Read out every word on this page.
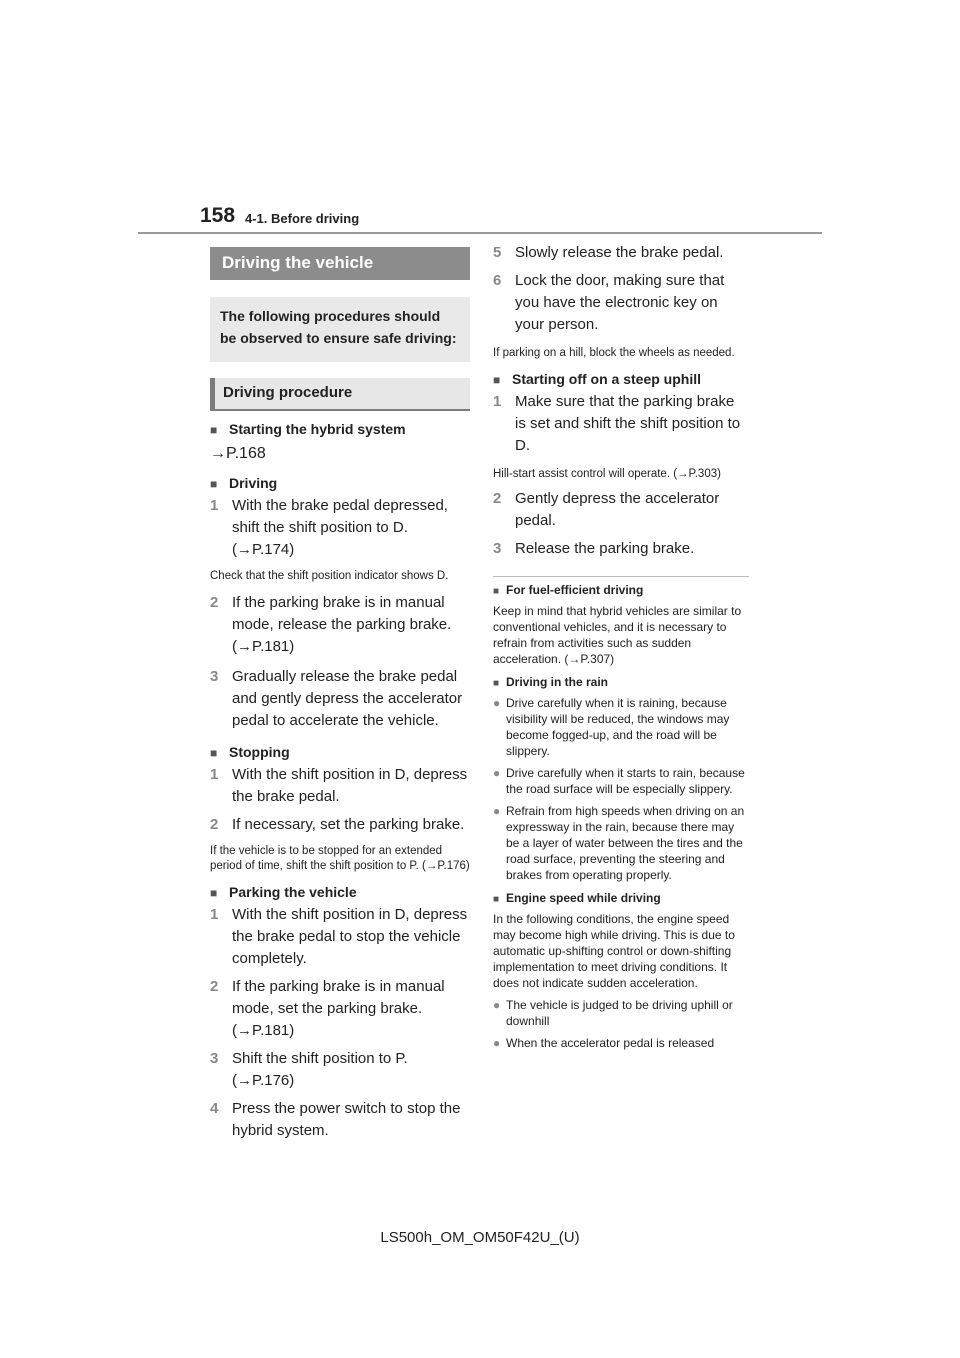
158 4-1. Before driving
Driving the vehicle
The following procedures should be observed to ensure safe driving:
Driving procedure
■ Starting the hybrid system
→P.168
■ Driving
1 With the brake pedal depressed, shift the shift position to D. (→P.174)
Check that the shift position indicator shows D.
2 If the parking brake is in manual mode, release the parking brake. (→P.181)
3 Gradually release the brake pedal and gently depress the accelerator pedal to accelerate the vehicle.
■ Stopping
1 With the shift position in D, depress the brake pedal.
2 If necessary, set the parking brake.
If the vehicle is to be stopped for an extended period of time, shift the shift position to P. (→P.176)
■ Parking the vehicle
1 With the shift position in D, depress the brake pedal to stop the vehicle completely.
2 If the parking brake is in manual mode, set the parking brake. (→P.181)
3 Shift the shift position to P. (→P.176)
4 Press the power switch to stop the hybrid system.
5 Slowly release the brake pedal.
6 Lock the door, making sure that you have the electronic key on your person.
If parking on a hill, block the wheels as needed.
■ Starting off on a steep uphill
1 Make sure that the parking brake is set and shift the shift position to D.
Hill-start assist control will operate. (→P.303)
2 Gently depress the accelerator pedal.
3 Release the parking brake.
■ For fuel-efficient driving
Keep in mind that hybrid vehicles are similar to conventional vehicles, and it is necessary to refrain from activities such as sudden acceleration. (→P.307)
■ Driving in the rain
● Drive carefully when it is raining, because visibility will be reduced, the windows may become fogged-up, and the road will be slippery.
● Drive carefully when it starts to rain, because the road surface will be especially slippery.
● Refrain from high speeds when driving on an expressway in the rain, because there may be a layer of water between the tires and the road surface, preventing the steering and brakes from operating properly.
■ Engine speed while driving
In the following conditions, the engine speed may become high while driving. This is due to automatic up-shifting control or down-shifting implementation to meet driving conditions. It does not indicate sudden acceleration.
● The vehicle is judged to be driving uphill or downhill
● When the accelerator pedal is released
LS500h_OM_OM50F42U_(U)
